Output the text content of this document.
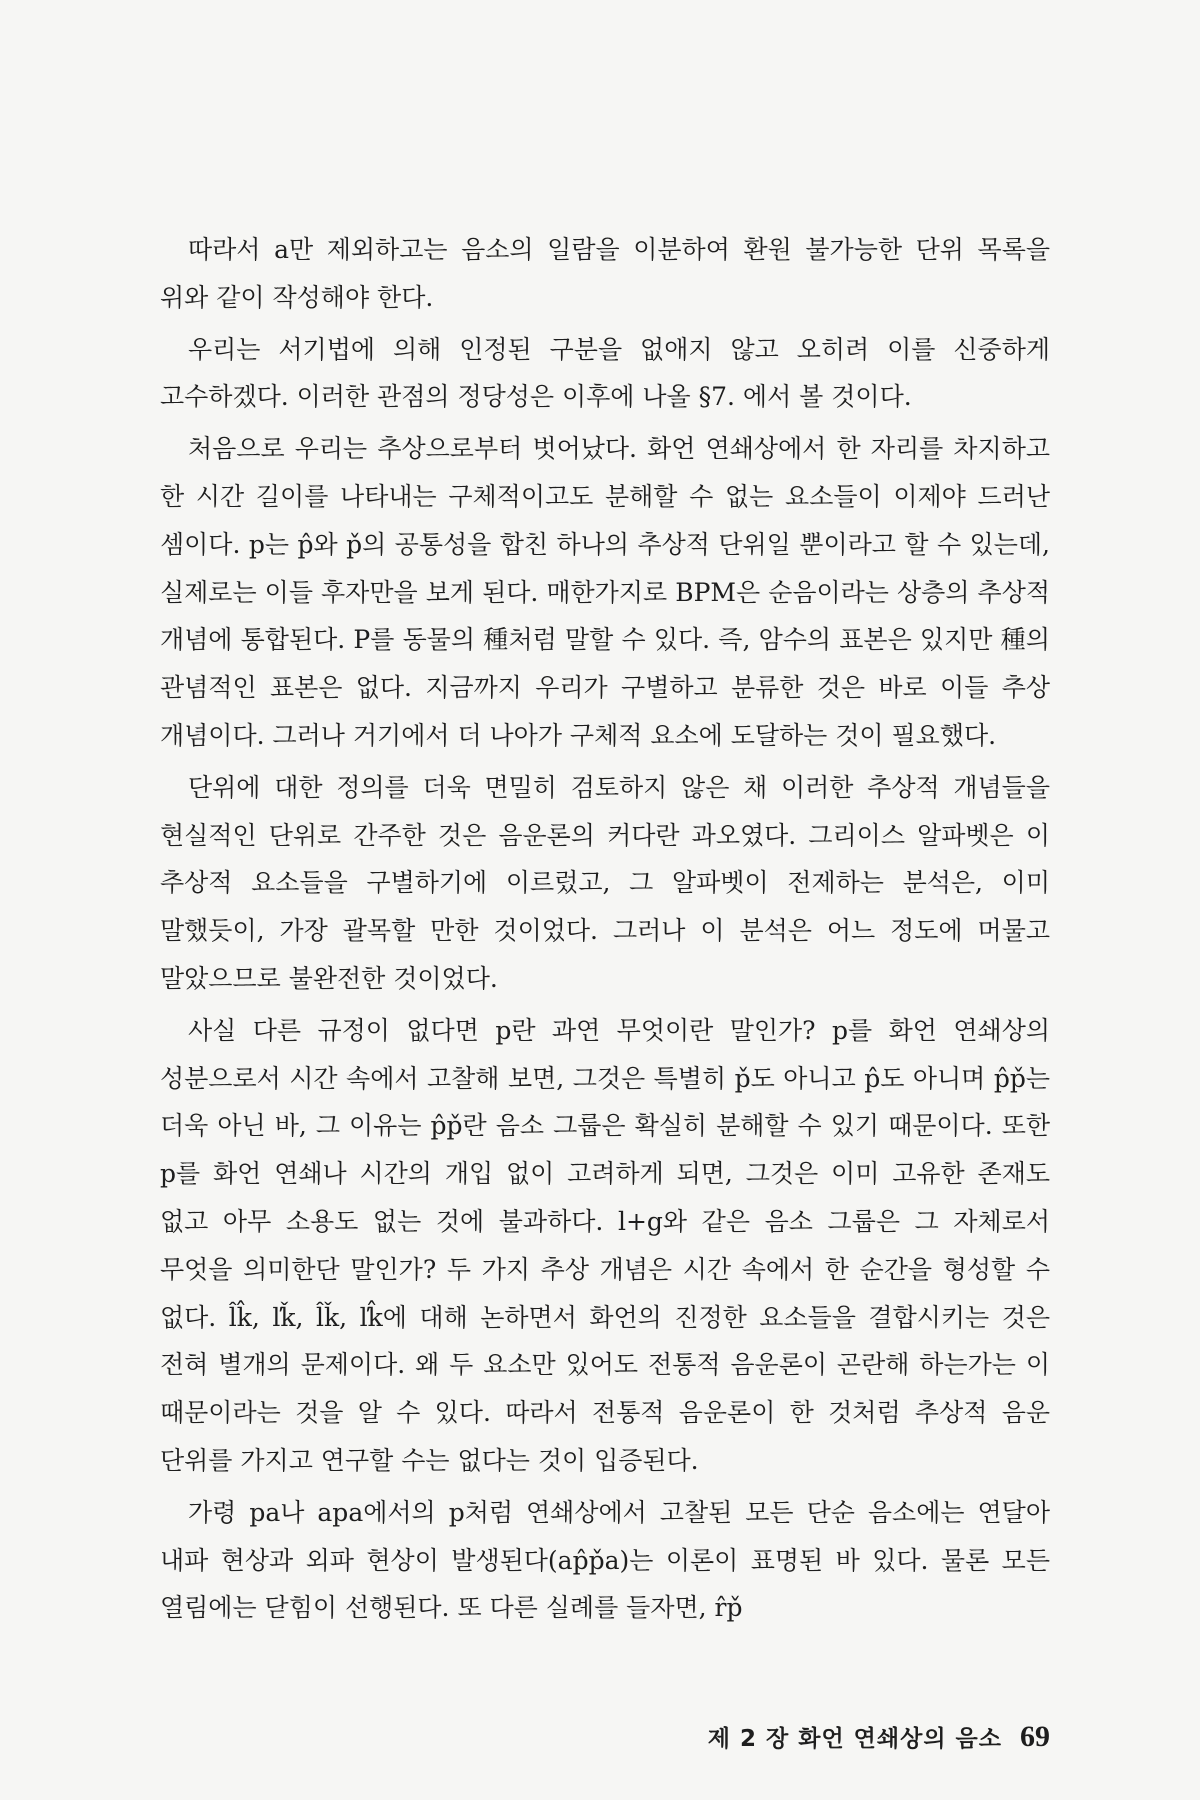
따라서 a만 제외하고는 음소의 일람을 이분하여 환원 불가능한 단위 목록을 위와 같이 작성해야 한다.

우리는 서기법에 의해 인정된 구분을 없애지 않고 오히려 이를 신중하게 고수하겠다. 이러한 관점의 정당성은 이후에 나올 §7. 에서 볼 것이다.

처음으로 우리는 추상으로부터 벗어났다. 화언 연쇄상에서 한 자리를 차지하고 한 시간 길이를 나타내는 구체적이고도 분해할 수 없는 요소들이 이제야 드러난 셈이다. p는 p̂와 p̌의 공통성을 합친 하나의 추상적 단위일 뿐이라고 할 수 있는데, 실제로는 이들 후자만을 보게 된다. 매한가지로 BPM은 순음이라는 상층의 추상적 개념에 통합된다. P를 동물의 種처럼 말할 수 있다. 즉, 암수의 표본은 있지만 種의 관념적인 표본은 없다. 지금까지 우리가 구별하고 분류한 것은 바로 이들 추상 개념이다. 그러나 거기에서 더 나아가 구체적 요소에 도달하는 것이 필요했다.

단위에 대한 정의를 더욱 면밀히 검토하지 않은 채 이러한 추상적 개념들을 현실적인 단위로 간주한 것은 음운론의 커다란 과오였다. 그리이스 알파벳은 이 추상적 요소들을 구별하기에 이르렀고, 그 알파벳이 전제하는 분석은, 이미 말했듯이, 가장 괄목할 만한 것이었다. 그러나 이 분석은 어느 정도에 머물고 말았으므로 불완전한 것이었다.

사실 다른 규정이 없다면 p란 과연 무엇이란 말인가? p를 화언 연쇄상의 성분으로서 시간 속에서 고찰해 보면, 그것은 특별히 p̌도 아니고 p̂도 아니며 p̂p̌는 더욱 아닌 바, 그 이유는 p̂p̌란 음소 그룹은 확실히 분해할 수 있기 때문이다. 또한 p를 화언 연쇄나 시간의 개입 없이 고려하게 되면, 그것은 이미 고유한 존재도 없고 아무 소용도 없는 것에 불과하다. l+g와 같은 음소 그룹은 그 자체로서 무엇을 의미한단 말인가? 두 가지 추상 개념은 시간 속에서 한 순간을 형성할 수 없다. l̂k̂, ľǩ, l̂ǩ, ľk̂에 대해 논하면서 화언의 진정한 요소들을 결합시키는 것은 전혀 별개의 문제이다. 왜 두 요소만 있어도 전통적 음운론이 곤란해 하는가는 이 때문이라는 것을 알 수 있다. 따라서 전통적 음운론이 한 것처럼 추상적 음운 단위를 가지고 연구할 수는 없다는 것이 입증된다.

가령 pa나 apa에서의 p처럼 연쇄상에서 고찰된 모든 단순 음소에는 연달아 내파 현상과 외파 현상이 발생된다(ap̂p̌a)는 이론이 표명된 바 있다. 물론 모든 열림에는 닫힘이 선행된다. 또 다른 실례를 들자면, r̂p̌

제 2 장 화언 연쇄상의 음소 69
